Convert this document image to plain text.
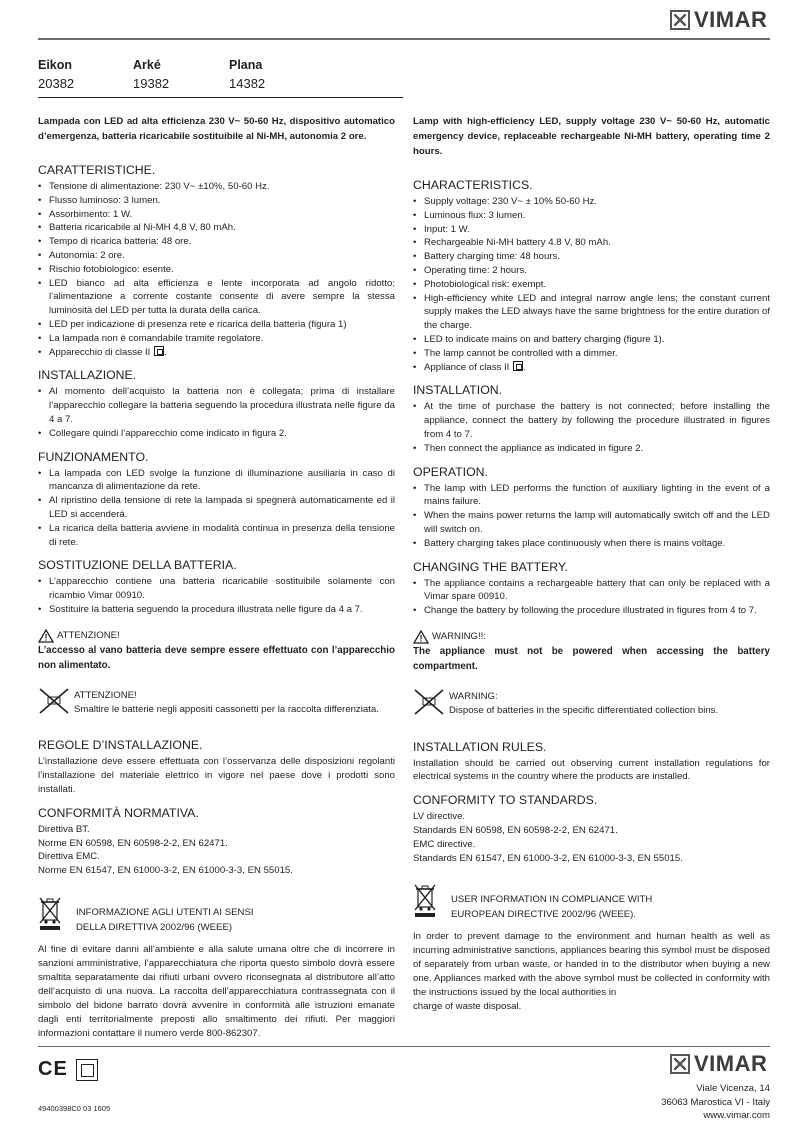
VIMAR
Eikon	Arké	Plana
20382	19382	14382

Lampada con LED ad alta efficienza 230 V~ 50-60 Hz, dispositivo automatico d’emergenza, batteria ricaricabile sostituibile al Ni-MH, autonomia 2 ore.

CARATTERISTICHE.
• Tensione di alimentazione: 230 V~ ±10%, 50-60 Hz.
• Flusso luminoso: 3 lumen.
• Assorbimento: 1 W.
• Batteria ricaricabile al Ni-MH 4,8 V, 80 mAh.
• Tempo di ricarica batteria: 48 ore.
• Autonomia: 2 ore.
• Rischio fotobiologico: esente.
• LED bianco ad alta efficienza e lente incorporata ad angolo ridotto; l’alimentazione a corrente costante consente di avere sempre la stessa luminosità del LED per tutta la durata della carica.
• LED per indicazione di presenza rete e ricarica della batteria (figura 1)
• La lampada non è comandabile tramite regolatore.
• Apparecchio di classe II .
INSTALLAZIONE.
• Al momento dell’acquisto la batteria non è collegata; prima di installare l’apparecchio collegare la batteria seguendo la procedura illustrata nelle figure da 4 a 7.
• Collegare quindi l’apparecchio come indicato in figura 2.
FUNZIONAMENTO.
• La lampada con LED svolge la funzione di illuminazione ausiliaria in caso di mancanza di alimentazione da rete.
• Al ripristino della tensione di rete la lampada si spegnerà automaticamente ed il LED si accenderà.
• La ricarica della batteria avviene in modalità continua in presenza della tensione di rete.
SOSTITUZIONE DELLA BATTERIA.
• L’apparecchio contiene una batteria ricaricabile sostituibile solamente con ricambio Vimar 00910.
• Sostituire la batteria seguendo la procedura illustrata nelle figure da 4 a 7.
ATTENZIONE!

L’accesso al vano batteria deve sempre essere effettuato con l’apparecchio non alimentato.

ATTENZIONE!
Smaltire le batterie negli appositi cassonetti per la raccolta differenziata.
REGOLE D’INSTALLAZIONE.

L’installazione deve essere effettuata con l’osservanza delle disposizioni regolanti l’installazione del materiale elettrico in vigore nel paese dove i prodotti sono installati.

CONFORMITÀ NORMATIVA.
Direttiva BT.
Norme EN 60598, EN 60598-2-2, EN 62471.
Direttiva EMC.
Norme EN 61547, EN 61000-3-2, EN 61000-3-3, EN 55015.
INFORMAZIONE AGLI UTENTI AI SENSI
DELLA DIRETTIVA 2002/96 (WEEE)

Al fine di evitare danni all’ambiente e alla salute umana oltre che di incorrere in sanzioni amministrative, l’apparecchiatura che riporta questo simbolo dovrà essere smaltita separatamente dai rifiuti urbani ovvero riconsegnata al distributore all’atto dell’acquisto di una nuova. La raccolta dell’apparecchiatura contrassegnata con il simbolo del bidone barrato dovrà avvenire in conformità alle istruzioni emanate dagli enti territorialmente preposti allo smaltimento dei rifiuti. Per maggiori informazioni contattare il numero verde 800-862307.

Lamp with high-efficiency LED, supply voltage 230 V~ 50-60 Hz, automatic emergency device, replaceable rechargeable Ni-MH battery, operating time 2 hours.

CHARACTERISTICS.
• Supply voltage: 230 V~ ± 10% 50-60 Hz.
• Luminous flux: 3 lumen.
• Input: 1 W.
• Rechargeable Ni-MH battery 4.8 V, 80 mAh.
• Battery charging time: 48 hours.
• Operating time: 2 hours.
• Photobiological risk: exempt.
• High-efficiency white LED and integral narrow angle lens; the constant current supply makes the LED always have the same brightness for the entire duration of the charge.
• LED to indicate mains on and battery charging (figure 1).
• The lamp cannot be controlled with a dimmer.
• Appliance of class II .
INSTALLATION.
• At the time of purchase the battery is not connected; before installing the appliance, connect the battery by following the procedure illustrated in figures from 4 to 7.
• Then connect the appliance as indicated in figure 2.
OPERATION.
• The lamp with LED performs the function of auxiliary lighting in the event of a mains failure.
• When the mains power returns the lamp will automatically switch off and the LED will switch on.
• Battery charging takes place continuously when there is mains voltage.
CHANGING THE BATTERY.
• The appliance contains a rechargeable battery that can only be replaced with a Vimar spare 00910.
• Change the battery by following the procedure illustrated in figures from 4 to 7.
WARNING!!:

The appliance must not be powered when accessing the battery compartment.

WARNING:
Dispose of batteries in the specific differentiated collection bins.
INSTALLATION RULES.

Installation should be carried out observing current installation regulations for electrical systems in the country where the products are installed.

CONFORMITY TO STANDARDS.
LV directive.
Standards EN 60598, EN 60598-2-2, EN 62471.
EMC directive.
Standards EN 61547, EN 61000-3-2, EN 61000-3-3, EN 55015.
USER INFORMATION IN COMPLIANCE WITH
EUROPEAN DIRECTIVE 2002/96 (WEEE).

In order to prevent damage to the environment and human health as well as incurring administrative sanctions, appliances bearing this symbol must be disposed of separately from urban waste, or handed in to the distributor when buying a new one. Appliances marked with the above symbol must be collected in conformity with the instructions issued by the local authorities in

charge of waste disposal.

CE
49400398C0 03 1605
VIMAR
Viale Vicenza, 14
36063 Marostica VI - Italy
www.vimar.com
